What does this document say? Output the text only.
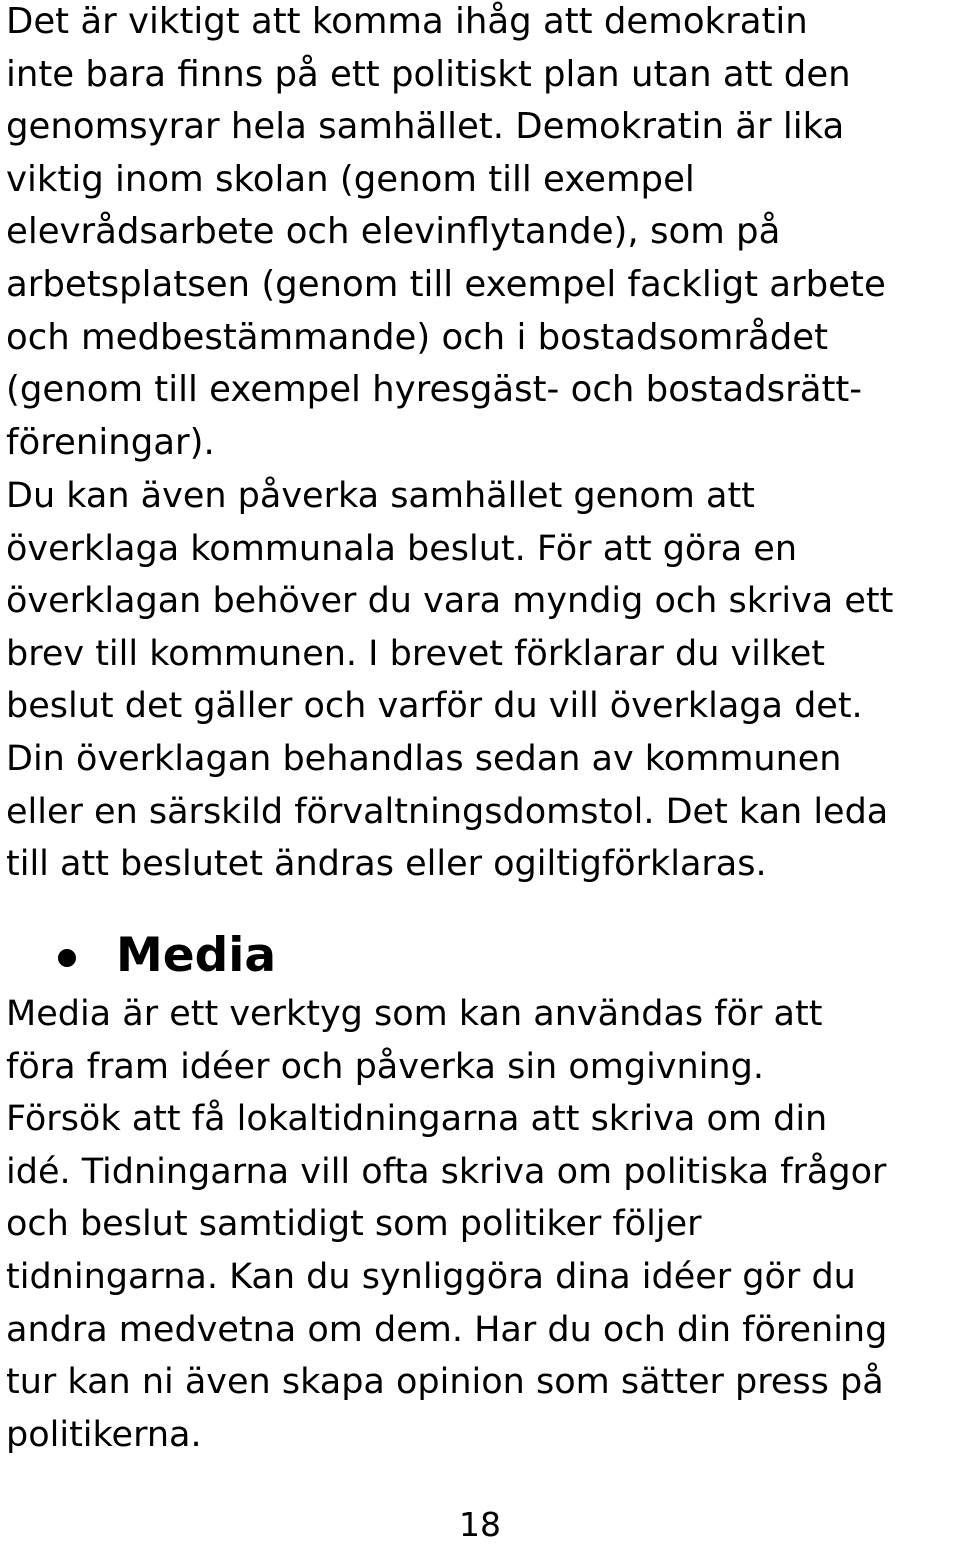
Det är viktigt att komma ihåg att demokratin
inte bara finns på ett politiskt plan utan att den
genomsyrar hela samhället. Demokratin är lika
viktig inom skolan (genom till exempel
elevrådsarbete och elevinflytande), som på
arbetsplatsen (genom till exempel fackligt arbete
och medbestämmande) och i bostadsområdet
(genom till exempel hyresgäst- och bostadsrätt-
föreningar).
Du kan även påverka samhället genom att
överklaga kommunala beslut. För att göra en
överklagan behöver du vara myndig och skriva ett
brev till kommunen. I brevet förklarar du vilket
beslut det gäller och varför du vill överklaga det.
Din överklagan behandlas sedan av kommunen
eller en särskild förvaltningsdomstol. Det kan leda
till att beslutet ändras eller ogiltigförklaras.
Media
Media är ett verktyg som kan användas för att
föra fram idéer och påverka sin omgivning.
Försök att få lokaltidningarna att skriva om din
idé. Tidningarna vill ofta skriva om politiska frågor
och beslut samtidigt som politiker följer
tidningarna. Kan du synliggöra dina idéer gör du
andra medvetna om dem. Har du och din förening
tur kan ni även skapa opinion som sätter press på
politikerna.
18
